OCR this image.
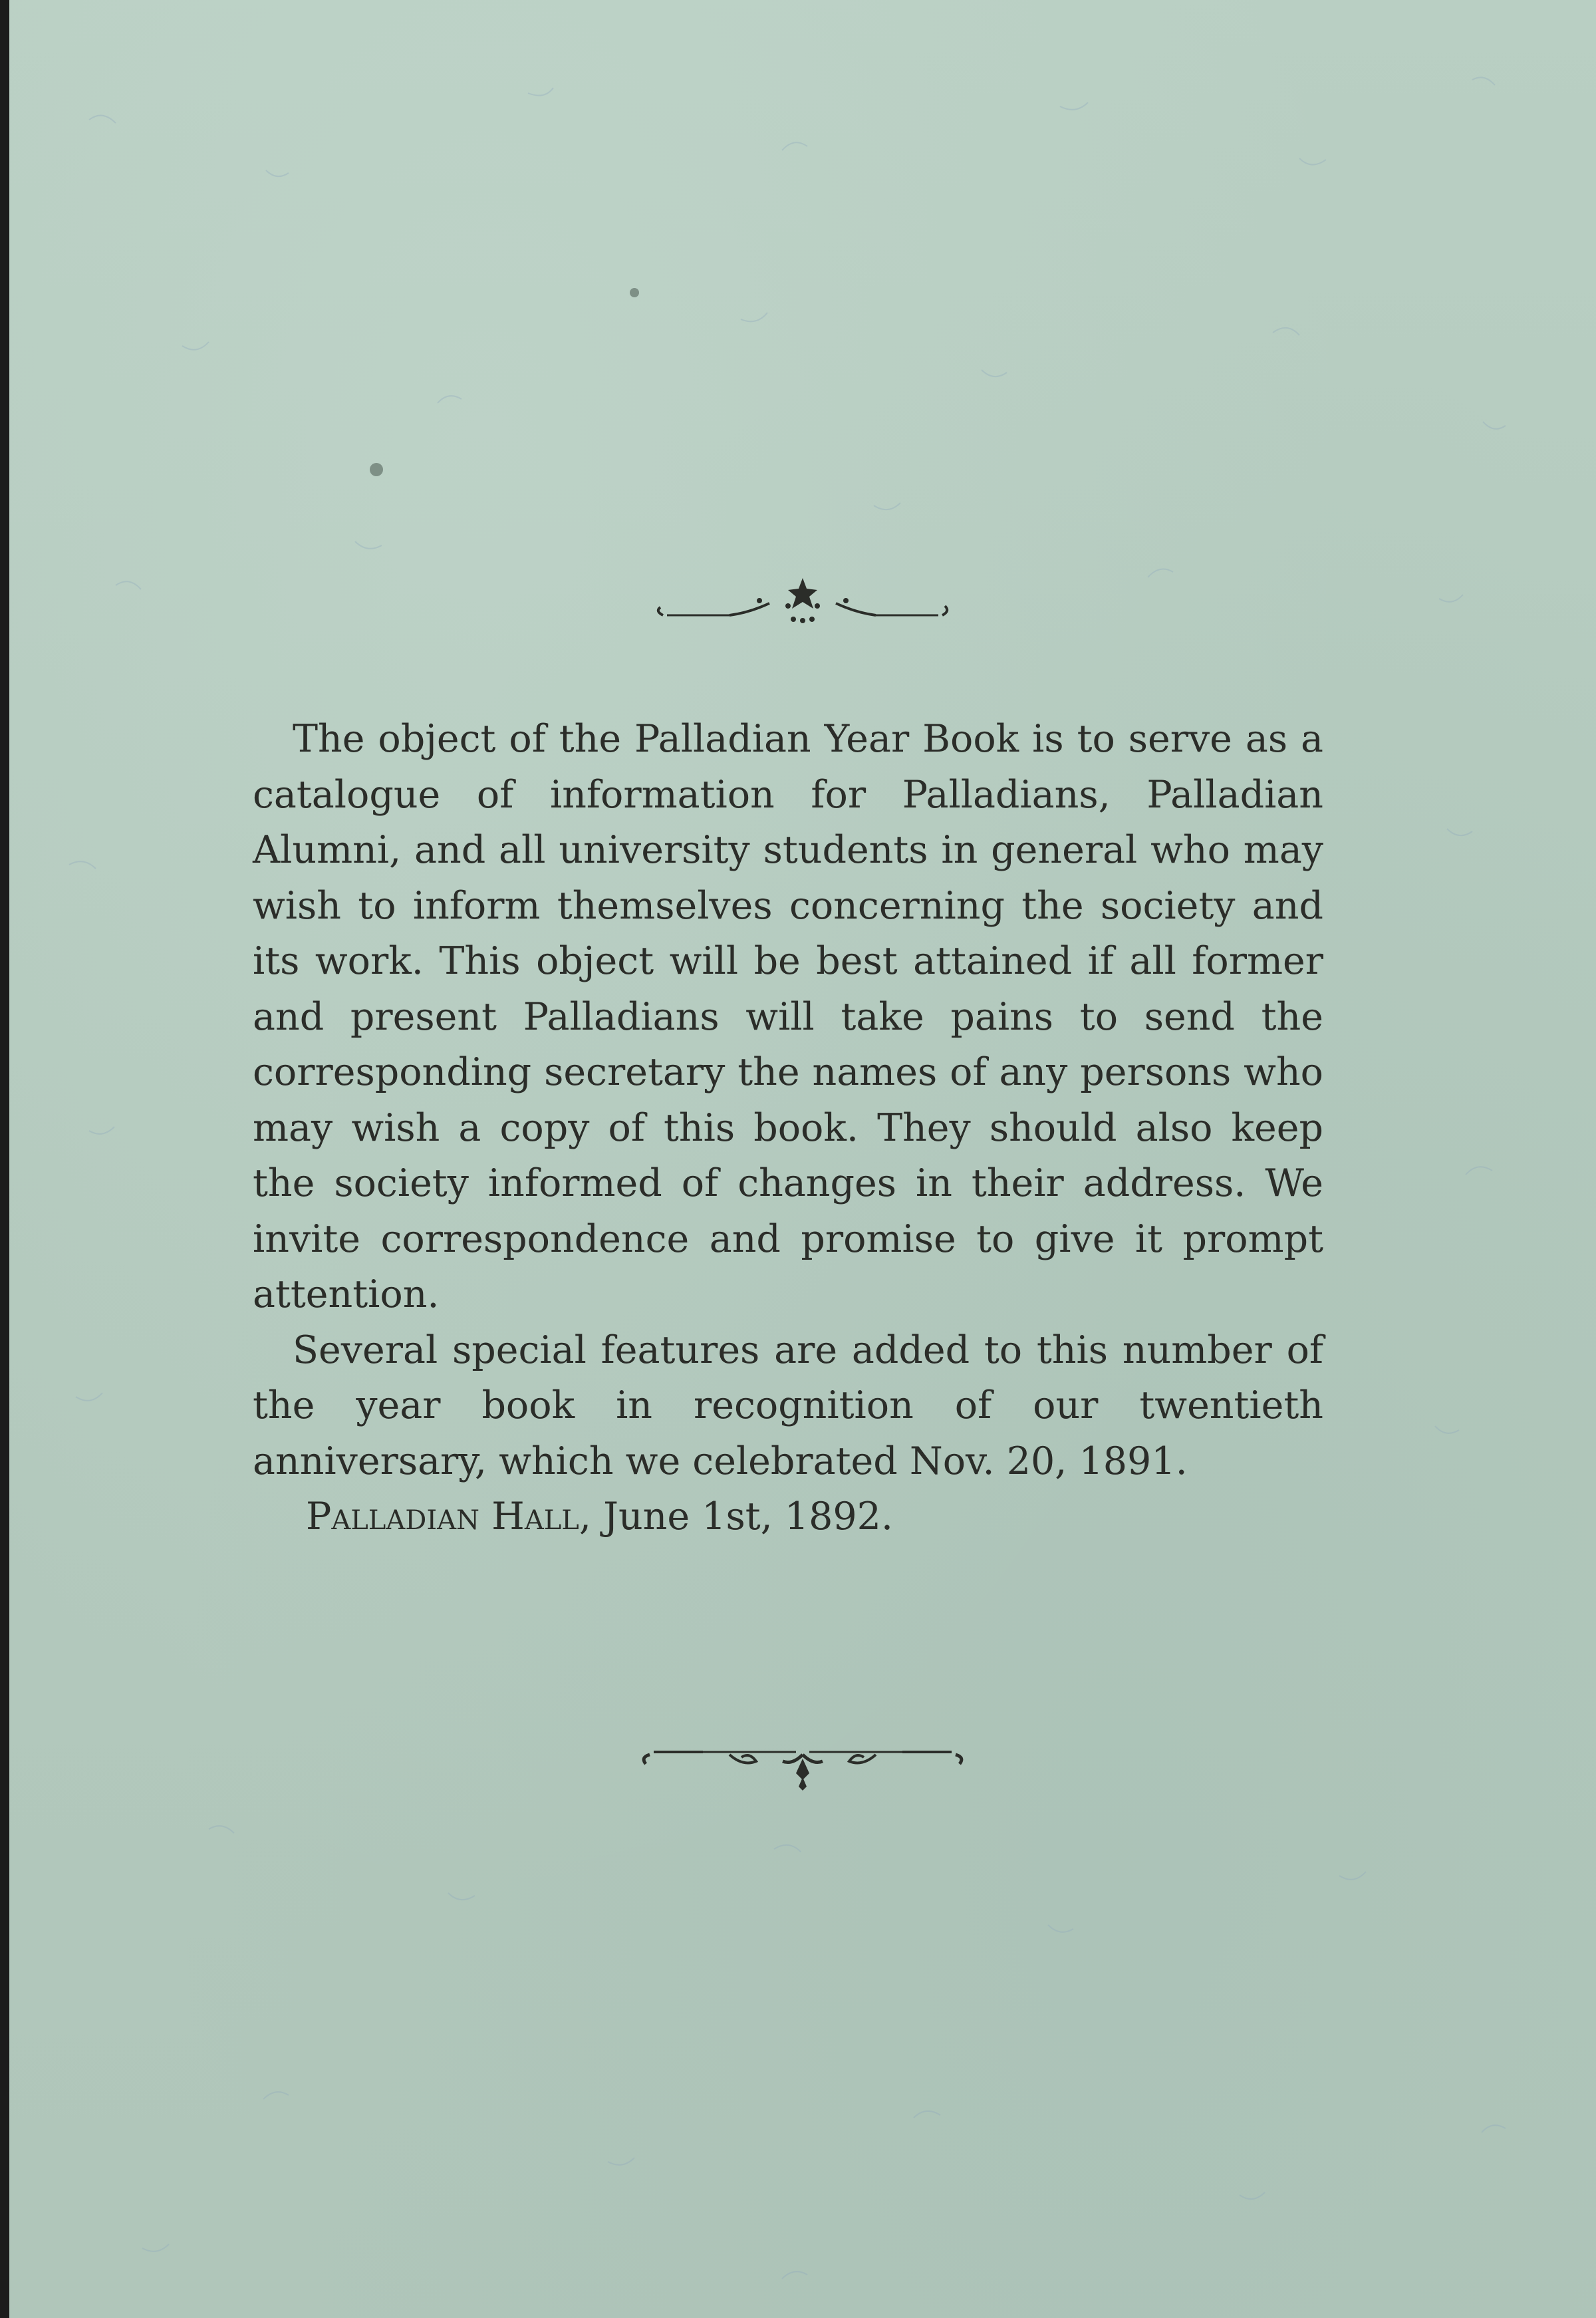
The object of the Palladian Year Book is to serve as a catalogue of information for Palladians, Palladian Alumni, and all university students in general who may wish to inform themselves concerning the society and its work. This object will be best attained if all former and present Palladians will take pains to send the corresponding secretary the names of any persons who may wish a copy of this book. They should also keep the society informed of changes in their address. We invite correspondence and promise to give it prompt attention.

Several special features are added to this number of the year book in recognition of our twentieth anniversary, which we celebrated Nov. 20, 1891.

Palladian Hall, June 1st, 1892.
